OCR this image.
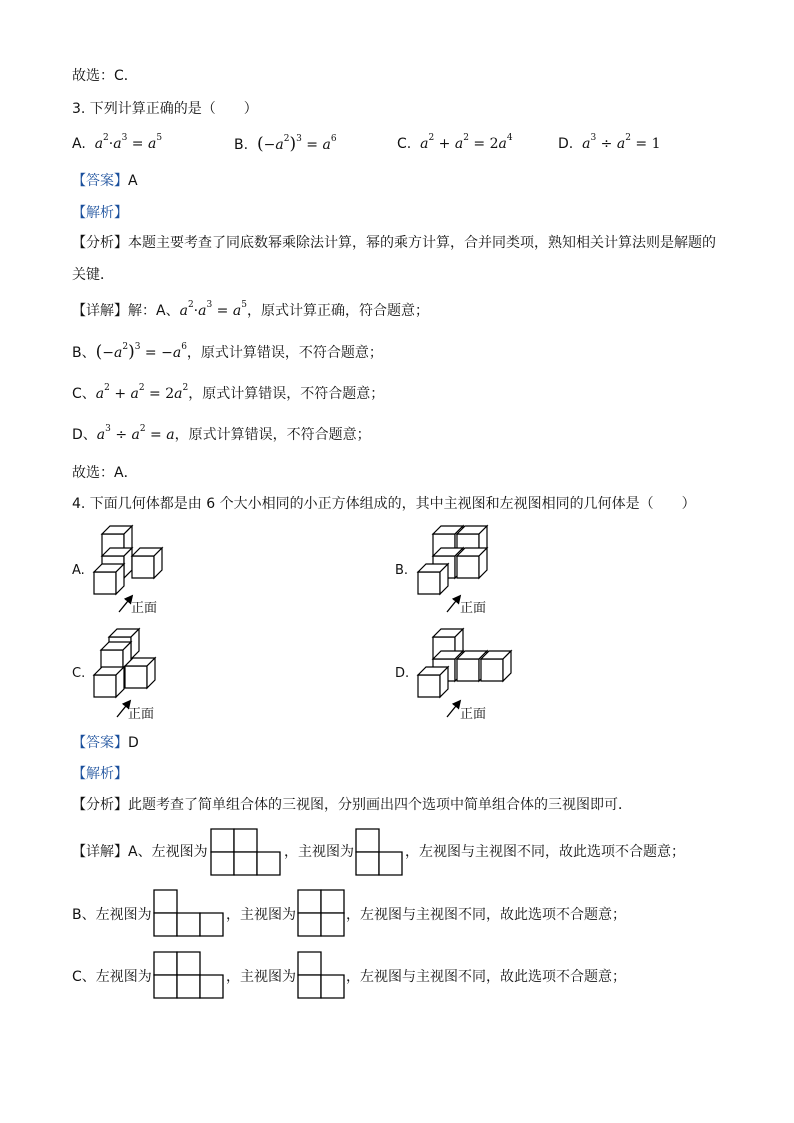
故选：C．
3. 下列计算正确的是（　　）
A. $a^2\cdot a^3 = a^5$	B. $(-a^2)^3 = a^6$	C. $a^2 + a^2 = 2a^4$	D. $a^3 \div a^2 = 1$
【答案】A
【解析】
【分析】本题主要考查了同底数幂乘除法计算，幂的乘方计算，合并同类项，熟知相关计算法则是解题的
关键．
【详解】解：A、$a^2\cdot a^3 = a^5$，原式计算正确，符合题意；
B、$(-a^2)^3 = -a^6$，原式计算错误，不符合题意；
C、$a^2 + a^2 = 2a^2$，原式计算错误，不符合题意；
D、$a^3 \div a^2 = a$，原式计算错误，不符合题意；
故选：A．
4. 下面几何体都是由 6 个大小相同的小正方体组成的，其中主视图和左视图相同的几何体是（　　）
A.
正面
B.
正面
C.
正面
D.
正面
【答案】D
【解析】
【分析】此题考查了简单组合体的三视图，分别画出四个选项中简单组合体的三视图即可．
【详解】A、左视图为	，主视图为	，左视图与主视图不同，故此选项不合题意；
B、左视图为	，主视图为	，左视图与主视图不同，故此选项不合题意；
C、左视图为	，主视图为	，左视图与主视图不同，故此选项不合题意；
